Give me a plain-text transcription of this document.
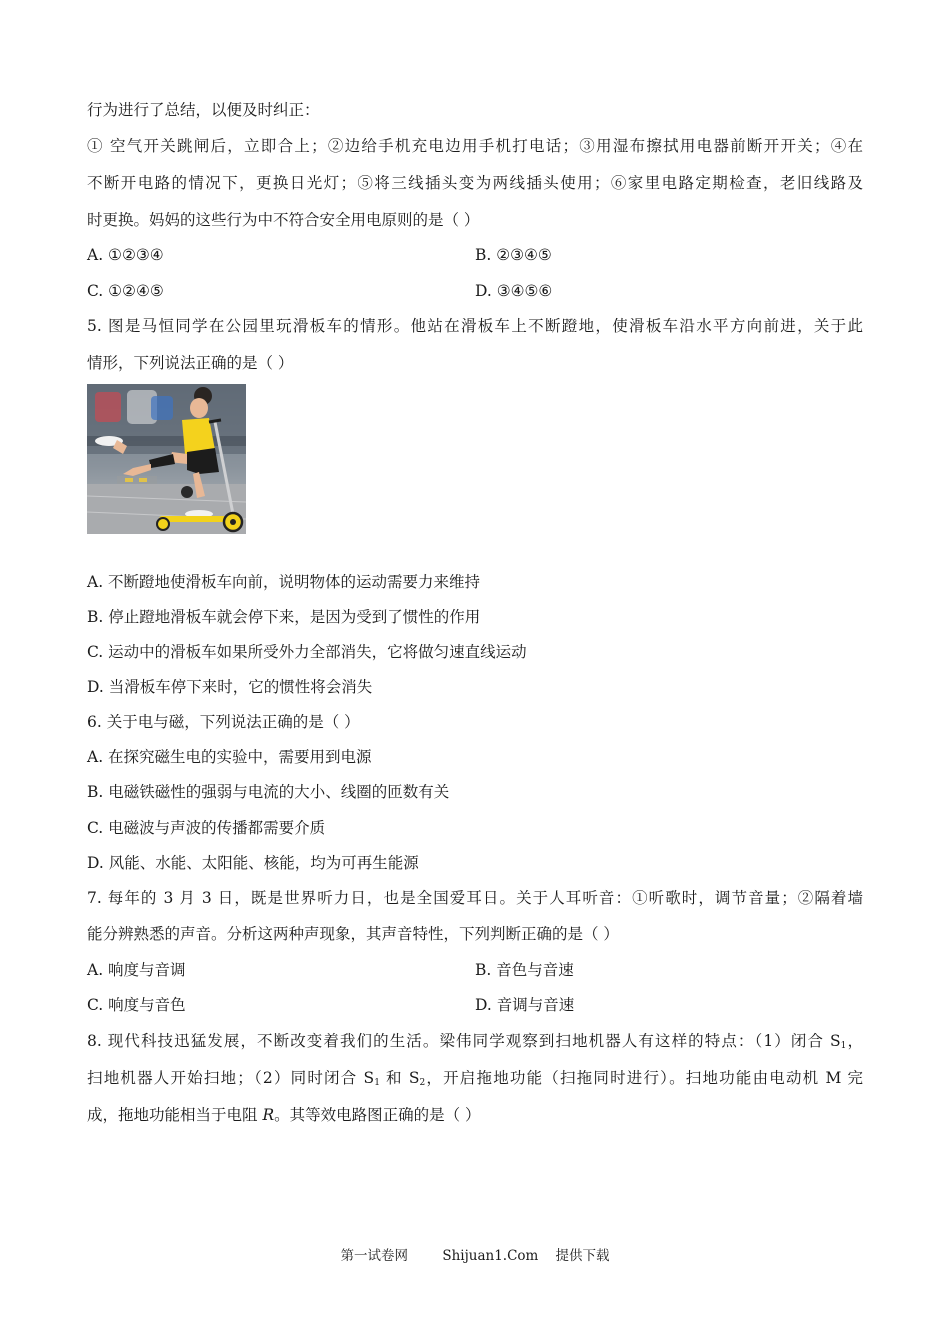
行为进行了总结，以便及时纠正：
① 空气开关跳闸后，立即合上；②边给手机充电边用手机打电话；③用湿布擦拭用电器前断开开关；④在
不断开电路的情况下，更换日光灯；⑤将三线插头变为两线插头使用；⑥家里电路定期检查，老旧线路及
时更换。妈妈的这些行为中不符合安全用电原则的是（ ）
A. ①②③④	B. ②③④⑤
C. ①②④⑤	D. ③④⑤⑥
5. 图是马恒同学在公园里玩滑板车的情形。他站在滑板车上不断蹬地，使滑板车沿水平方向前进，关于此
情形，下列说法正确的是（ ）
A. 不断蹬地使滑板车向前，说明物体的运动需要力来维持
B. 停止蹬地滑板车就会停下来，是因为受到了惯性的作用
C. 运动中的滑板车如果所受外力全部消失，它将做匀速直线运动
D. 当滑板车停下来时，它的惯性将会消失
6. 关于电与磁，下列说法正确的是（ ）
A. 在探究磁生电的实验中，需要用到电源
B. 电磁铁磁性的强弱与电流的大小、线圈的匝数有关
C. 电磁波与声波的传播都需要介质
D. 风能、水能、太阳能、核能，均为可再生能源
7. 每年的 3 月 3 日，既是世界听力日，也是全国爱耳日。关于人耳听音：①听歌时，调节音量；②隔着墙
能分辨熟悉的声音。分析这两种声现象，其声音特性，下列判断正确的是（ ）
A. 响度与音调	B. 音色与音速
C. 响度与音色	D. 音调与音速
8. 现代科技迅猛发展，不断改变着我们的生活。梁伟同学观察到扫地机器人有这样的特点：（1）闭合 $S_1$，
扫地机器人开始扫地；（2）同时闭合 $S_1$ 和 $S_2$，开启拖地功能（扫拖同时进行）。扫地功能由电动机 M 完
成，拖地功能相当于电阻 R。其等效电路图正确的是（ ）
第一试卷网        Shijuan1.Com    提供下载
